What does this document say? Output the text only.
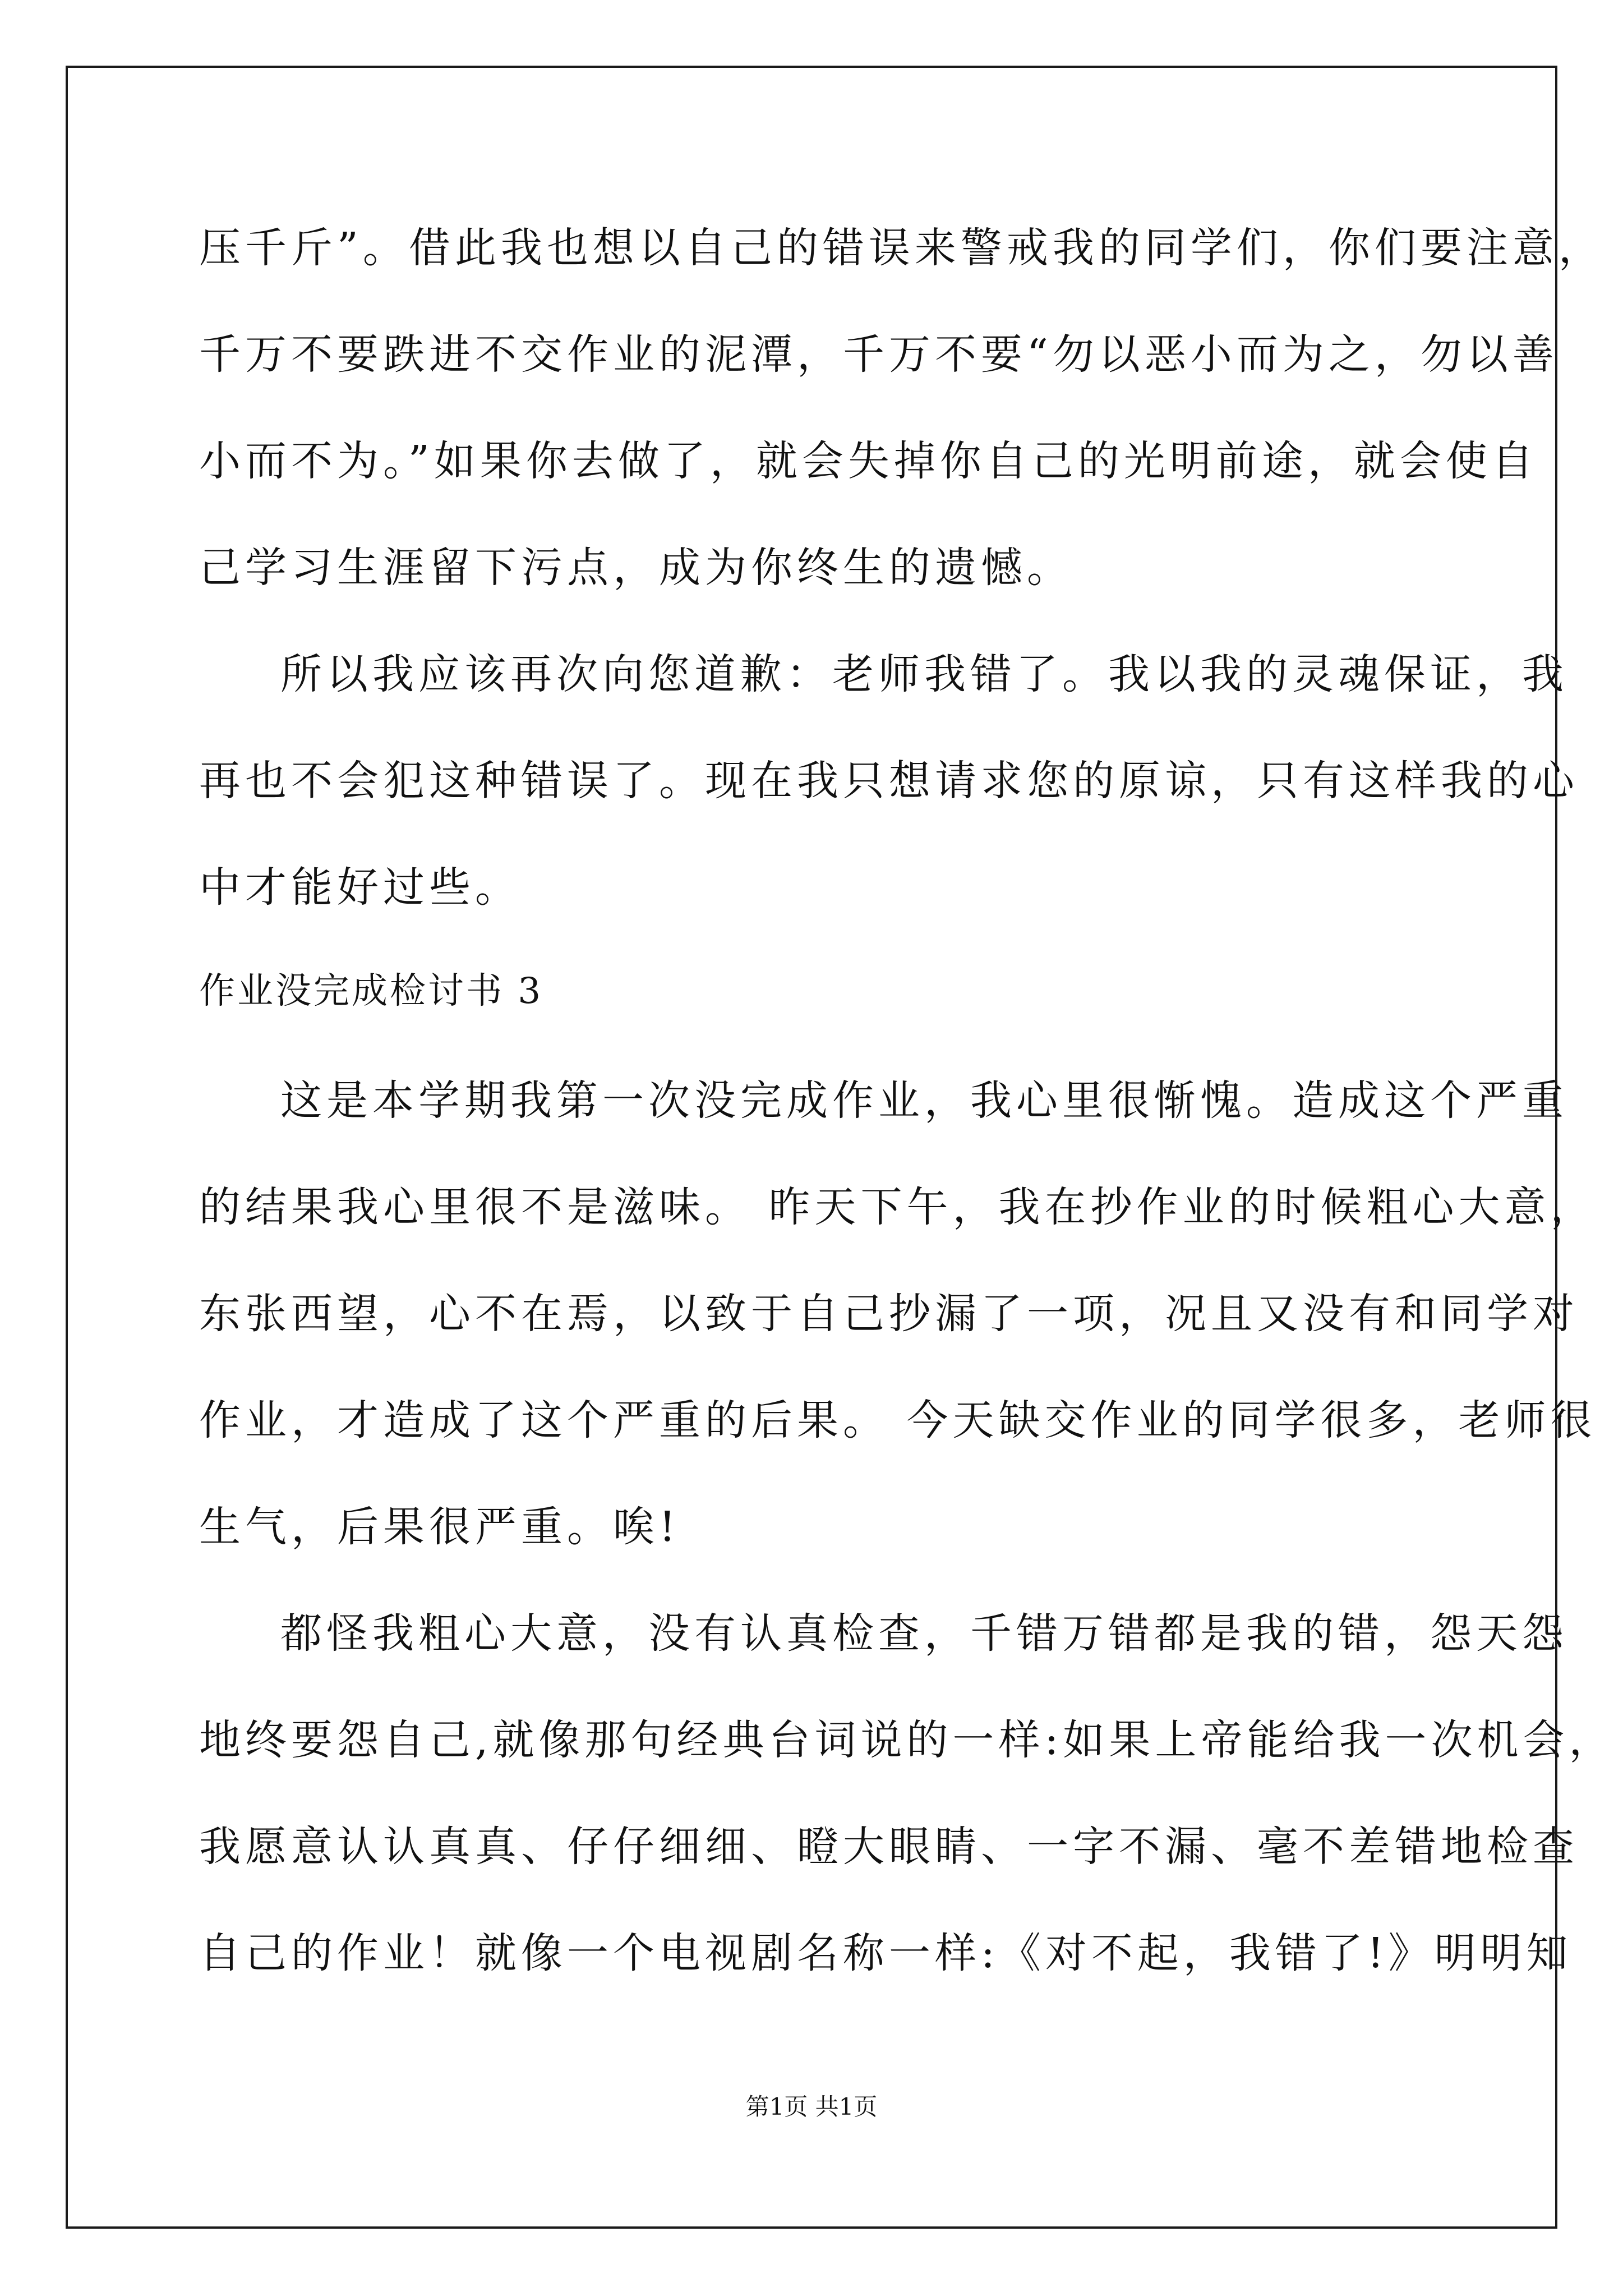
压千斤”。借此我也想以自己的错误来警戒我的同学们，你们要注意，
千万不要跌进不交作业的泥潭，千万不要“勿以恶小而为之，勿以善
小而不为。”如果你去做了，就会失掉你自己的光明前途，就会使自
己学习生涯留下污点，成为你终生的遗憾。
所以我应该再次向您道歉：老师我错了。我以我的灵魂保证，我
再也不会犯这种错误了。现在我只想请求您的原谅，只有这样我的心
中才能好过些。
作业没完成检讨书 3
这是本学期我第一次没完成作业，我心里很惭愧。造成这个严重
的结果我心里很不是滋味。 昨天下午，我在抄作业的时候粗心大意，
东张西望，心不在焉，以致于自己抄漏了一项，况且又没有和同学对
作业，才造成了这个严重的后果。 今天缺交作业的同学很多，老师很
生气，后果很严重。唉!
都怪我粗心大意，没有认真检查，千错万错都是我的错，怨天怨
地终要怨自己,就像那句经典台词说的一样:如果上帝能给我一次机会，
我愿意认认真真、仔仔细细、瞪大眼睛、一字不漏、毫不差错地检查
自己的作业！就像一个电视剧名称一样:《对不起，我错了!》明明知
第1页 共1页
